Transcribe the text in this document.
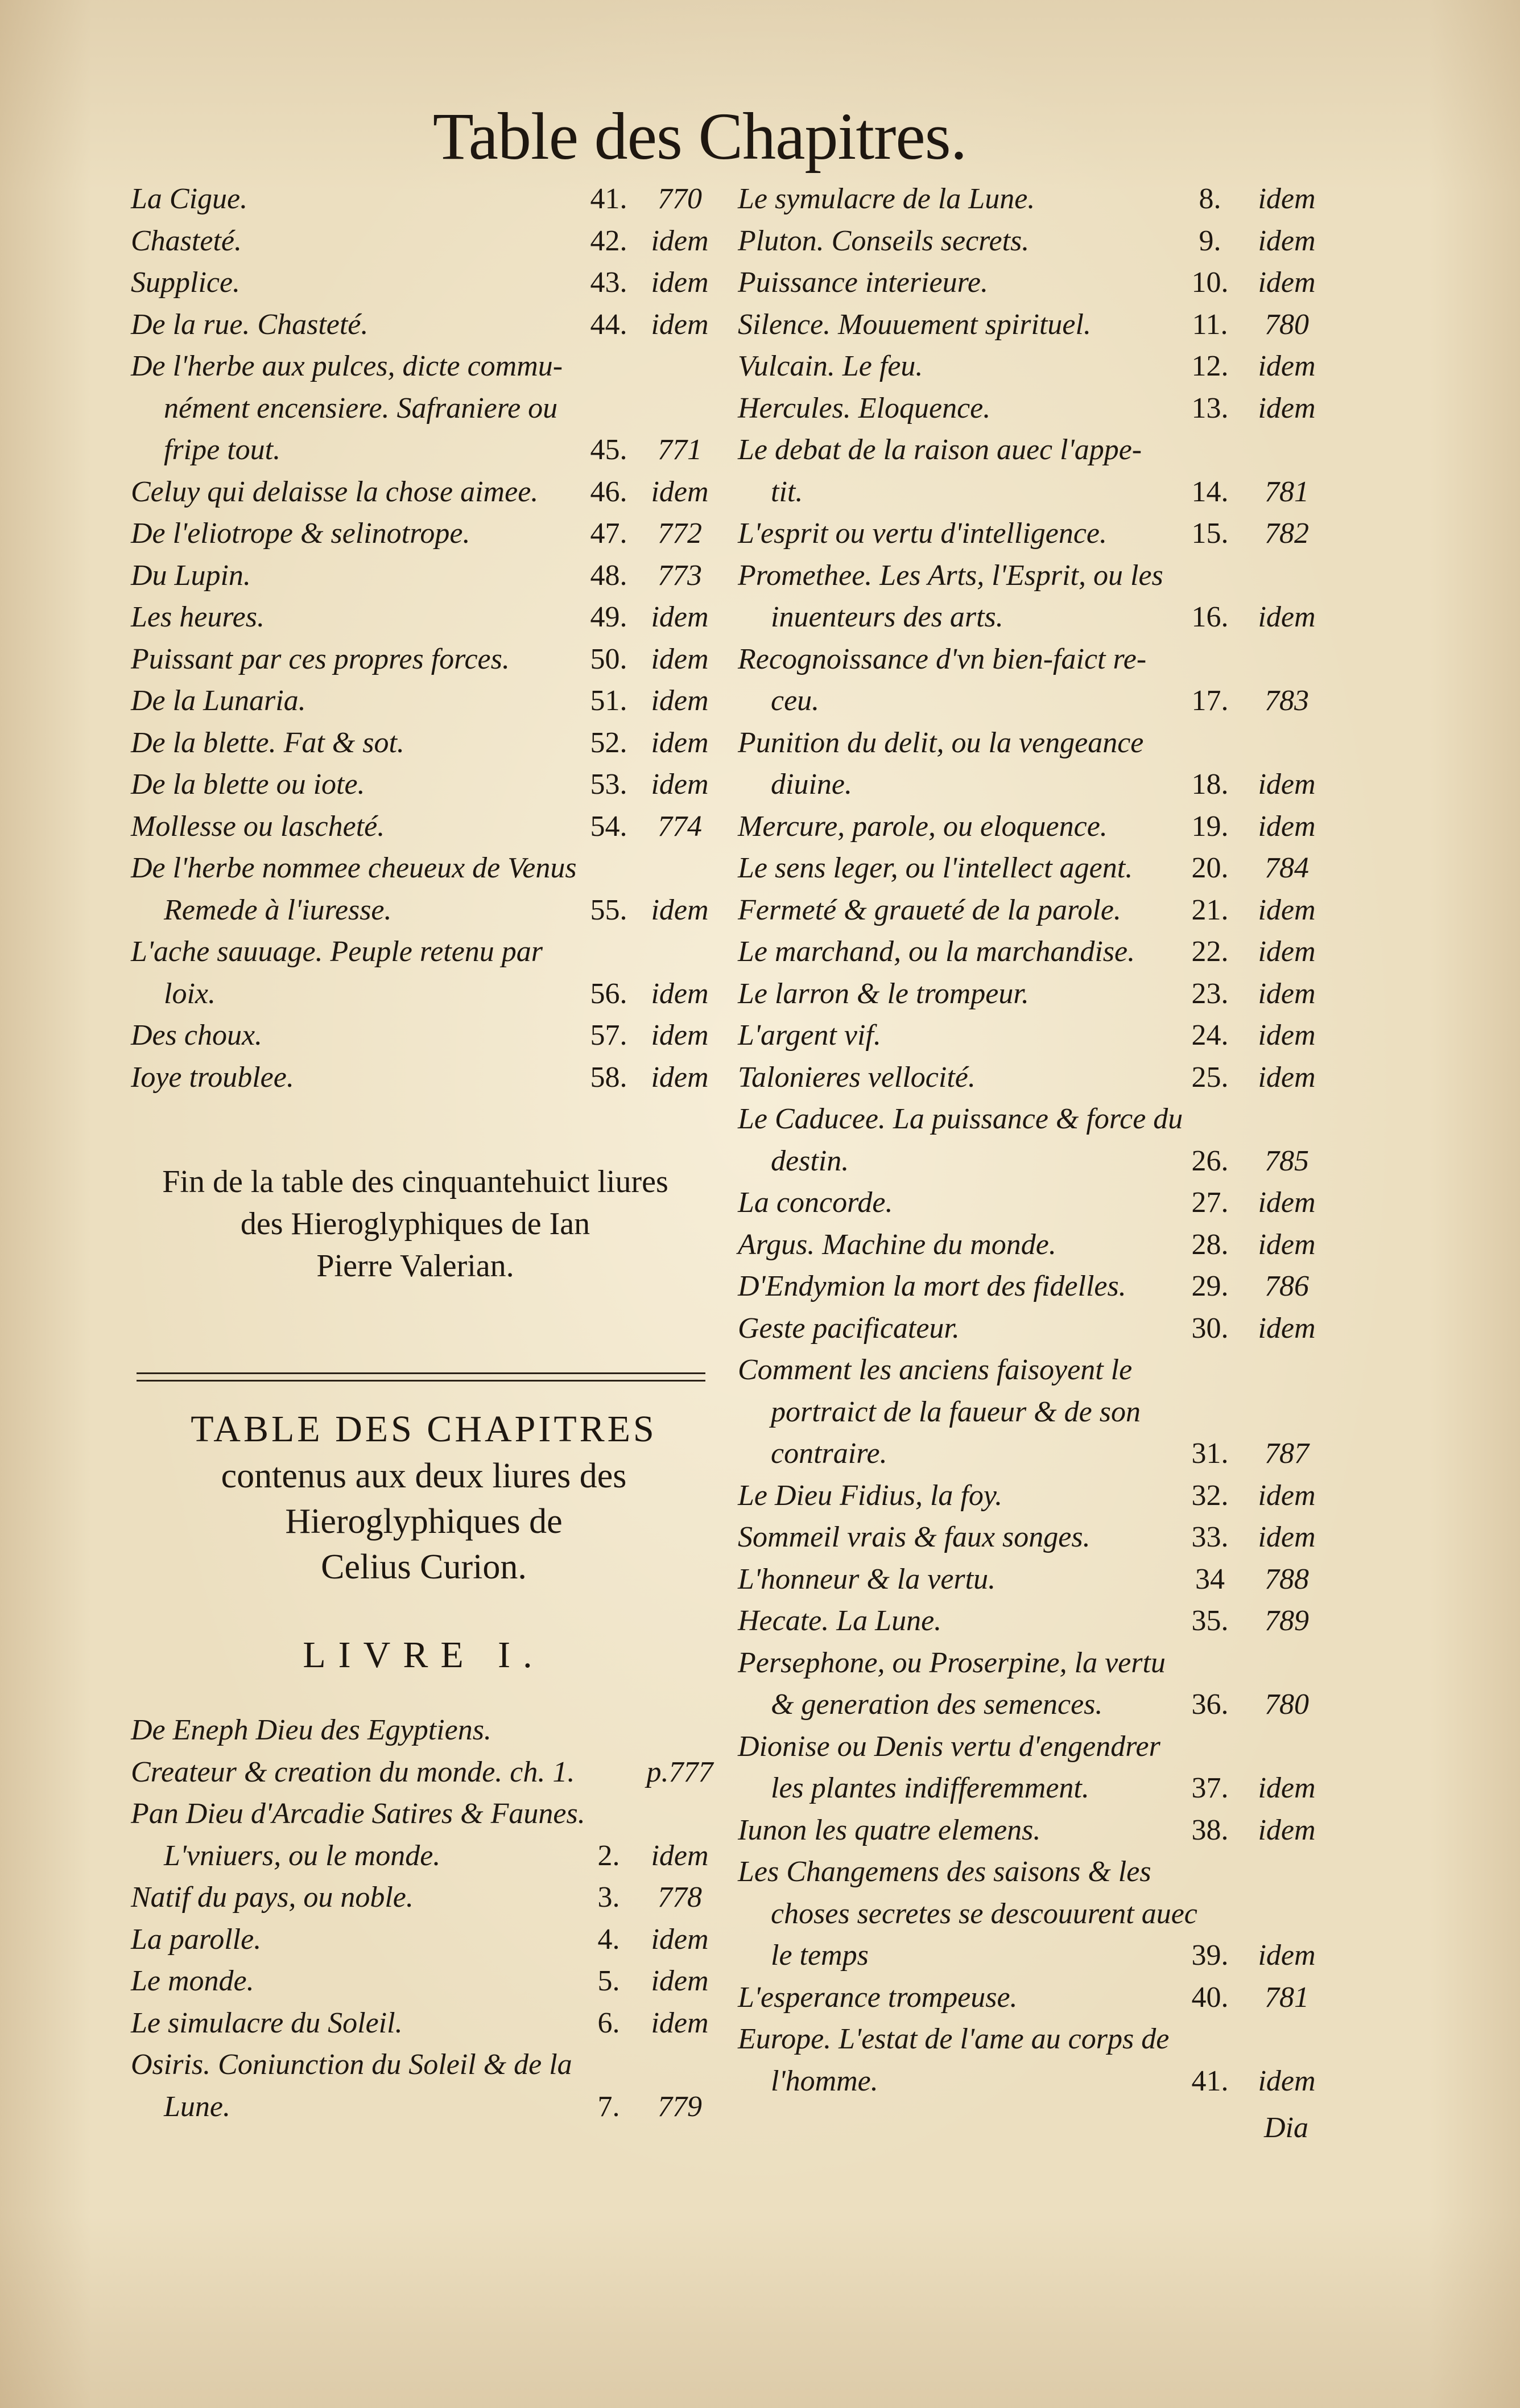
Table des Chapitres.
La Cigue.	41.	770
Chasteté.	42. idem
Supplice.	43. idem
De la rue. Chasteté.	44. idem
De l'herbe aux pulces, dicte commu-
nément encensiere. Safraniere ou
fripe tout.	45.	771
Celuy qui delaisse la chose aimee.	46. idem
De l'eliotrope & selinotrope.	47.	772
Du Lupin.	48.	773
Les heures.	49. idem
Puissant par ces propres forces.	50. idem
De la Lunaria.	51. idem
De la blette. Fat & sot.	52. idem
De la blette ou iote.	53. idem
Mollesse ou lascheté.	54.	774
De l'herbe nommee cheueux de Venus
Remede à l'iuresse.	55. idem
L'ache sauuage. Peuple retenu par
loix.	56. idem
Des choux.	57. idem
Ioye troublee.	58. idem
Fin de la table des cinquantehuict liures
des Hieroglyphiques de Ian
Pierre Valerian.
TABLE DES CHAPITRES
contenus aux deux liures des
Hieroglyphiques de
Celius Curion.
LIVRE I.
De Eneph Dieu des Egyptiens.
Createur & creation du monde. ch. 1.	p.777
Pan Dieu d'Arcadie Satires & Faunes.
L'vniuers, ou le monde.	2.	idem
Natif du pays, ou noble.	3.	778
La parolle.	4.	idem
Le monde.	5.	idem
Le simulacre du Soleil.	6.	idem
Osiris. Coniunction du Soleil & de la
Lune.	7.	779
Le symulacre de la Lune.	8.	idem
Pluton. Conseils secrets.	9.	idem
Puissance interieure.	10. idem
Silence. Mouuement spirituel.	11.	780
Vulcain. Le feu.	12. idem
Hercules. Eloquence.	13. idem
Le debat de la raison auec l'appe-
tit.	14.	781
L'esprit ou vertu d'intelligence.	15.	782
Promethee. Les Arts, l'Esprit, ou les
inuenteurs des arts.	16. idem
Recognoissance d'vn bien-faict re-
ceu.	17.	783
Punition du delit, ou la vengeance
diuine.	18. idem
Mercure, parole, ou eloquence.	19. idem
Le sens leger, ou l'intellect agent.	20.	784
Fermeté & graueté de la parole.	21. idem
Le marchand, ou la marchandise.	22. idem
Le larron & le trompeur.	23. idem
L'argent vif.	24. idem
Talonieres vellocité.	25. idem
Le Caducee. La puissance & force du
destin.	26.	785
La concorde.	27. idem
Argus. Machine du monde.	28. idem
D'Endymion la mort des fidelles.	29.	786
Geste pacificateur.	30. idem
Comment les anciens faisoyent le
portraict de la faueur & de son
contraire.	31.	787
Le Dieu Fidius, la foy.	32. idem
Sommeil vrais & faux songes.	33. idem
L'honneur & la vertu.	34	788
Hecate. La Lune.	35.	789
Persephone, ou Proserpine, la vertu
& generation des semences.	36.	780
Dionise ou Denis vertu d'engendrer
les plantes indifferemment.	37. idem
Iunon les quatre elemens.	38. idem
Les Changemens des saisons & les
choses secretes se descouurent auec
le temps	39. idem
L'esperance trompeuse.	40.	781
Europe. L'estat de l'ame au corps de
l'homme.	41. idem
Dia
